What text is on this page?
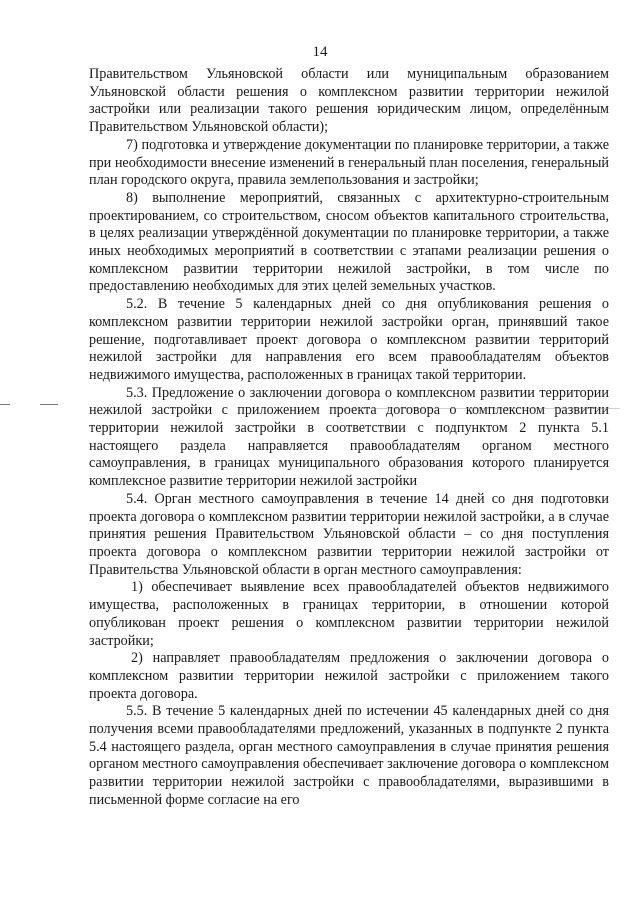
14

Правительством Ульяновской области или муниципальным образованием Ульяновской области решения о комплексном развитии территории нежилой застройки или реализации такого решения юридическим лицом, определённым Правительством Ульяновской области);

7) подготовка и утверждение документации по планировке территории, а также при необходимости внесение изменений в генеральный план поселения, генеральный план городского округа, правила землепользования и застройки;

8) выполнение мероприятий, связанных с архитектурно-строительным проектированием, со строительством, сносом объектов капитального строительства, в целях реализации утверждённой документации по планировке территории, а также иных необходимых мероприятий в соответствии с этапами реализации решения о комплексном развитии территории нежилой застройки, в том числе по предоставлению необходимых для этих целей земельных участков.

5.2. В течение 5 календарных дней со дня опубликования решения о комплексном развитии территории нежилой застройки орган, принявший такое решение, подготавливает проект договора о комплексном развитии территорий нежилой застройки для направления его всем правообладателям объектов недвижимого имущества, расположенных в границах такой территории.

5.3. Предложение о заключении договора о комплексном развитии территории нежилой застройки с приложением проекта договора о комплексном развитии территории нежилой застройки в соответствии с подпунктом 2 пункта 5.1 настоящего раздела направляется правообладателям органом местного самоуправления, в границах муниципального образования которого планируется комплексное развитие территории нежилой застройки

5.4. Орган местного самоуправления в течение 14 дней со дня подготовки проекта договора о комплексном развитии территории нежилой застройки, а в случае принятия решения Правительством Ульяновской области – со дня поступления проекта договора о комплексном развитии территории нежилой застройки от Правительства Ульяновской области в орган местного самоуправления:

1) обеспечивает выявление всех правообладателей объектов недвижимого имущества, расположенных в границах территории, в отношении которой опубликован проект решения о комплексном развитии территории нежилой застройки;

2) направляет правообладателям предложения о заключении договора о комплексном развитии территории нежилой застройки с приложением такого проекта договора.

5.5. В течение 5 календарных дней по истечении 45 календарных дней со дня получения всеми правообладателями предложений, указанных в подпункте 2 пункта 5.4 настоящего раздела, орган местного самоуправления в случае принятия решения органом местного самоуправления обеспечивает заключение договора о комплексном развитии территории нежилой застройки с правообладателями, выразившими в письменной форме согласие на его
